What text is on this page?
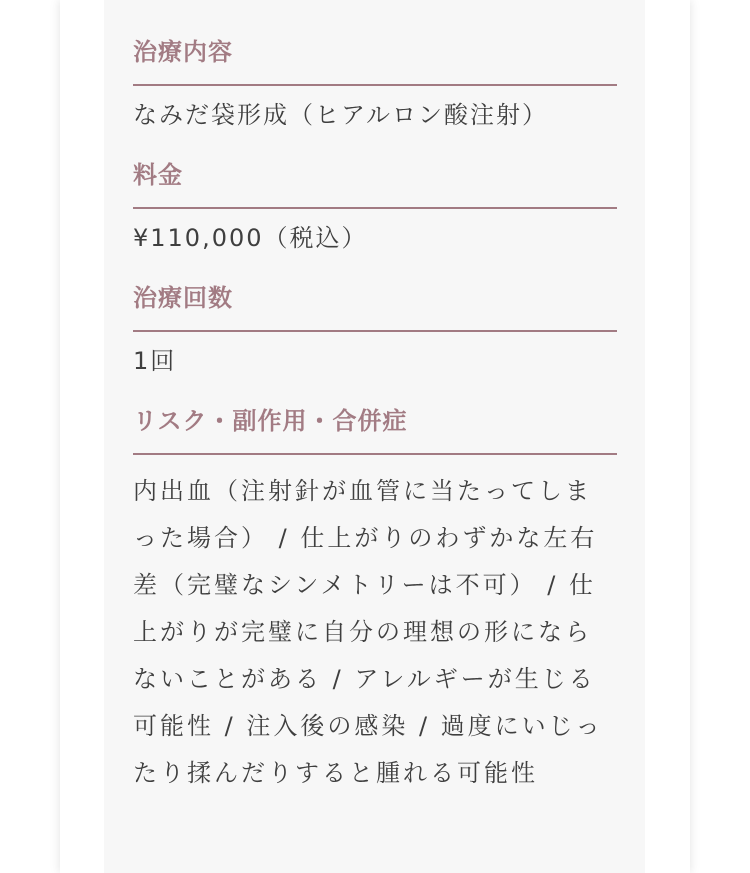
治療内容
なみだ袋形成（ヒアルロン酸注射）
料金
¥110,000（税込）
治療回数
1回
リスク・副作用・合併症
内出血（注射針が血管に当たってしまった場合） / 仕上がりのわずかな左右差（完璧なシンメトリーは不可） / 仕上がりが完璧に自分の理想の形にならないことがある / アレルギーが生じる可能性 / 注入後の感染 / 過度にいじったり揉んだりすると腫れる可能性
